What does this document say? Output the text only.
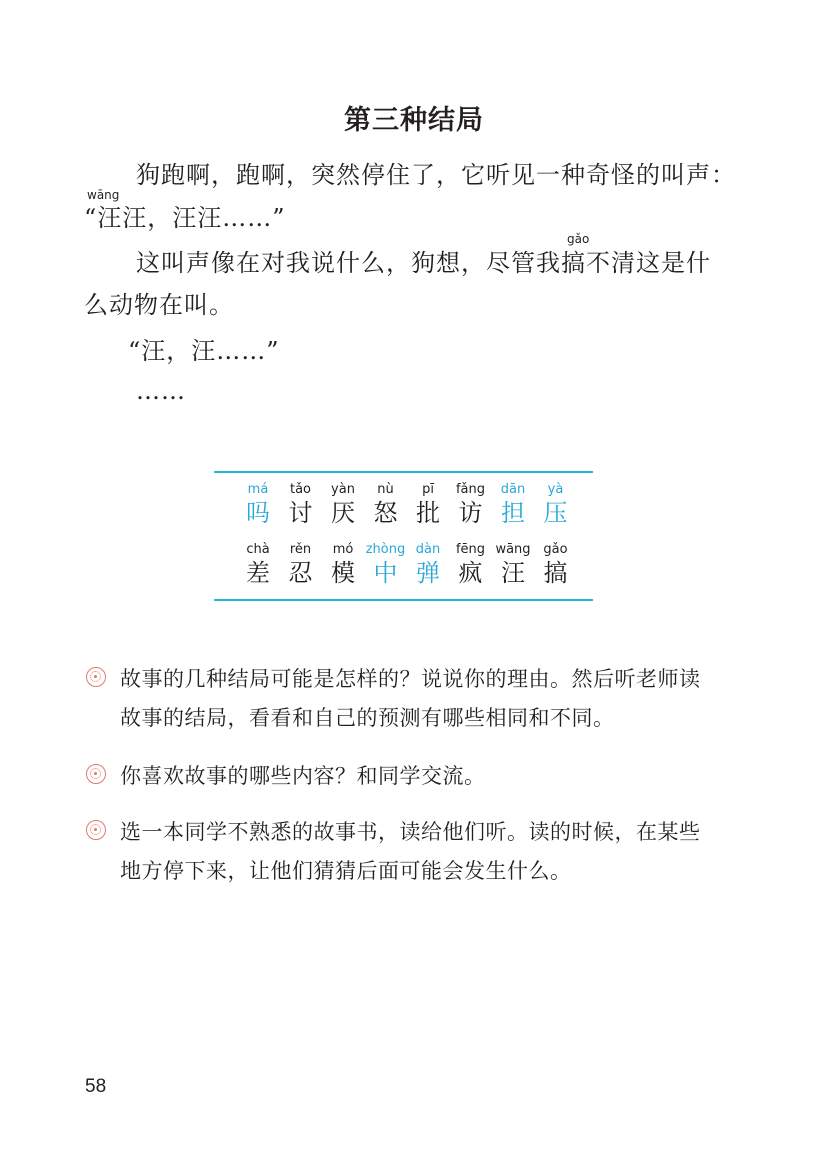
第三种结局
wāng
狗跑啊，跑啊，突然停住了，它听见一种奇怪的叫声：
“汪汪，汪汪……”
gǎo
这叫声像在对我说什么，狗想，尽管我搞不清这是什
么动物在叫。
“汪，汪……”
……
má
吗
tǎo
讨
yàn
厌
nù
怒
pī
批
fǎng
访
dān
担
yà
压
chà
差
rěn
忍
mó
模
zhòng
中
dàn
弹
fēng
疯
wāng
汪
gǎo
搞
故事的几种结局可能是怎样的？说说你的理由。然后听老师读
故事的结局，看看和自己的预测有哪些相同和不同。
你喜欢故事的哪些内容？和同学交流。
选一本同学不熟悉的故事书，读给他们听。读的时候，在某些
地方停下来，让他们猜猜后面可能会发生什么。
58
